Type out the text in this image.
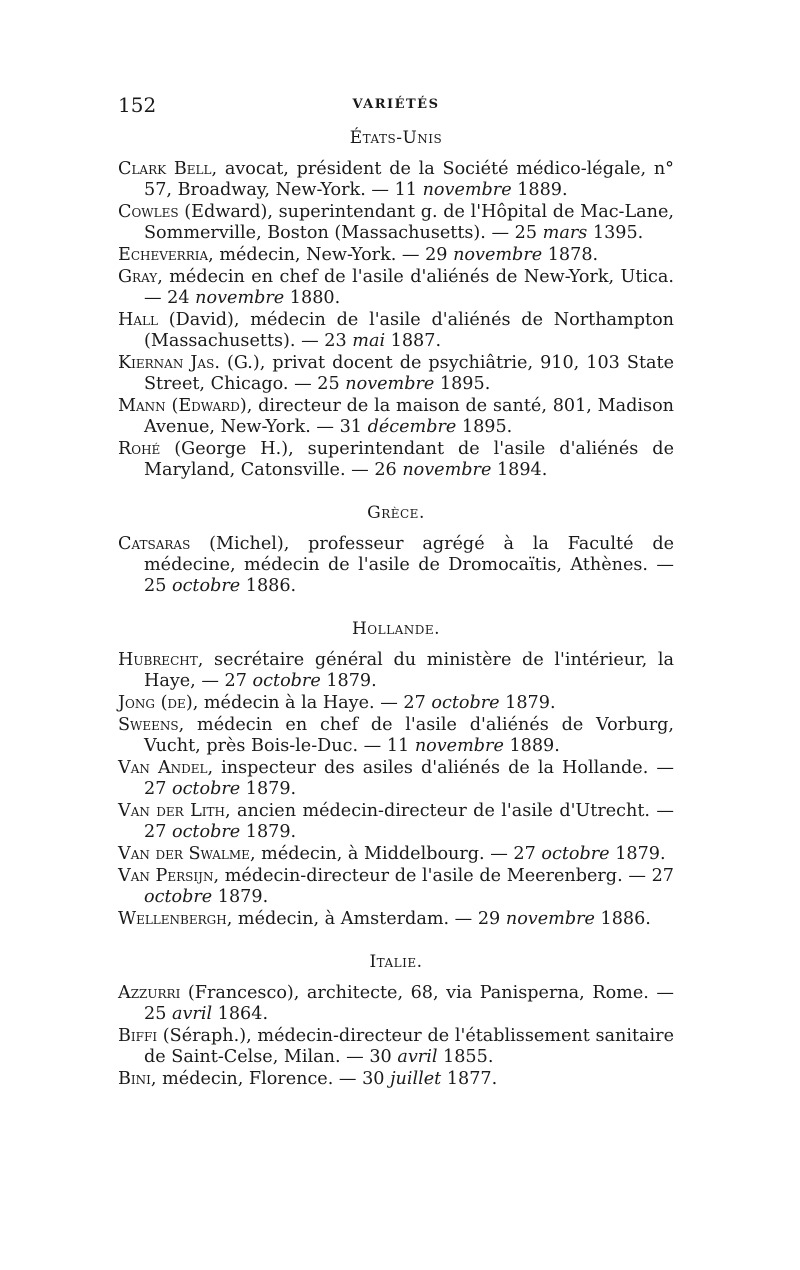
152	VARIÉTÉS
États-Unis

Clark Bell, avocat, président de la Société médico-légale, n° 57, Broadway, New-York. — 11 novembre 1889.

Cowles (Edward), superintendant g. de l'Hôpital de Mac-Lane, Sommerville, Boston (Massachusetts). — 25 mars 1395.

Echeverria, médecin, New-York. — 29 novembre 1878.

Gray, médecin en chef de l'asile d'aliénés de New-York, Utica. — 24 novembre 1880.

Hall (David), médecin de l'asile d'aliénés de Northampton (Massachusetts). — 23 mai 1887.

Kiernan Jas. (G.), privat docent de psychiâtrie, 910, 103 State Street, Chicago. — 25 novembre 1895.

Mann (Edward), directeur de la maison de santé, 801, Madison Avenue, New-York. — 31 décembre 1895.

Rohé (George H.), superintendant de l'asile d'aliénés de Maryland, Catonsville. — 26 novembre 1894.

Grèce.

Catsaras (Michel), professeur agrégé à la Faculté de médecine, médecin de l'asile de Dromocaïtis, Athènes. — 25 octobre 1886.

Hollande.

Hubrecht, secrétaire général du ministère de l'intérieur, la Haye, — 27 octobre 1879.

Jong (de), médecin à la Haye. — 27 octobre 1879.

Sweens, médecin en chef de l'asile d'aliénés de Vorburg, Vucht, près Bois-le-Duc. — 11 novembre 1889.

Van Andel, inspecteur des asiles d'aliénés de la Hollande. — 27 octobre 1879.

Van der Lith, ancien médecin-directeur de l'asile d'Utrecht. — 27 octobre 1879.

Van der Swalme, médecin, à Middelbourg. — 27 octobre 1879.

Van Persijn, médecin-directeur de l'asile de Meerenberg. — 27 octobre 1879.

Wellenbergh, médecin, à Amsterdam. — 29 novembre 1886.

Italie.

Azzurri (Francesco), architecte, 68, via Panisperna, Rome. — 25 avril 1864.

Biffi (Séraph.), médecin-directeur de l'établissement sanitaire de Saint-Celse, Milan. — 30 avril 1855.

Bini, médecin, Florence. — 30 juillet 1877.
